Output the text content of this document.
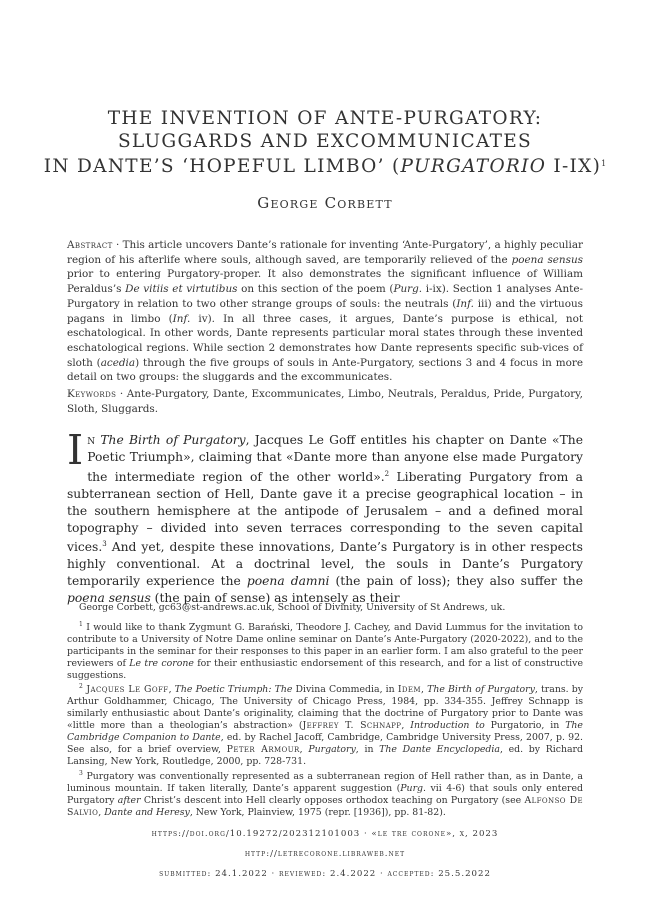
THE INVENTION OF ANTE-PURGATORY:
SLUGGARDS AND EXCOMMUNICATES
IN DANTE’S ‘HOPEFUL LIMBO’ (PURGATORIO I-IX)$^1$
George Corbett
Abstract · This article uncovers Dante’s rationale for inventing ‘Ante-Purgatory’, a highly peculiar region of his afterlife where souls, although saved, are temporarily relieved of the poena sensus prior to entering Purgatory-proper. It also demonstrates the significant influence of William Peraldus’s De vitiis et virtutibus on this section of the poem (Purg. i-ix). Section 1 analyses Ante-Purgatory in relation to two other strange groups of souls: the neutrals (Inf. iii) and the virtuous pagans in limbo (Inf. iv). In all three cases, it argues, Dante’s purpose is ethical, not eschatological. In other words, Dante represents particular moral states through these invented eschatological regions. While section 2 demonstrates how Dante represents specific sub-vices of sloth (acedia) through the five groups of souls in Ante-Purgatory, sections 3 and 4 focus in more detail on two groups: the sluggards and the excommunicates.
Keywords · Ante-Purgatory, Dante, Excommunicates, Limbo, Neutrals, Peraldus, Pride, Purgatory, Sloth, Sluggards.
In The Birth of Purgatory, Jacques Le Goff entitles his chapter on Dante «The Poetic Triumph», claiming that «Dante more than anyone else made Purgatory the intermediate region of the other world».$^2$ Liberating Purgatory from a subterranean section of Hell, Dante gave it a precise geographical location – in the southern hemisphere at the antipode of Jerusalem – and a defined moral topography – divided into seven terraces corresponding to the seven capital vices.$^3$ And yet, despite these innovations, Dante’s Purgatory is in other respects highly conventional. At a doctrinal level, the souls in Dante’s Purgatory temporarily experience the poena damni (the pain of loss); they also suffer the poena sensus (the pain of sense) as intensely as their

George Corbett, gc63@st-andrews.ac.uk, School of Divinity, University of St Andrews, uk.

$^1$ I would like to thank Zygmunt G. Barański, Theodore J. Cachey, and David Lummus for the invitation to contribute to a University of Notre Dame online seminar on Dante’s Ante-Purgatory (2020-2022), and to the participants in the seminar for their responses to this paper in an earlier form. I am also grateful to the peer reviewers of Le tre corone for their enthusiastic endorsement of this research, and for a list of constructive suggestions.

$^2$ Jacques Le Goff, The Poetic Triumph: The Divina Commedia, in Idem, The Birth of Purgatory, trans. by Arthur Goldhammer, Chicago, The University of Chicago Press, 1984, pp. 334-355. Jeffrey Schnapp is similarly enthusiastic about Dante’s originality, claiming that the doctrine of Purgatory prior to Dante was «little more than a theologian’s abstraction» (Jeffrey T. Schnapp, Introduction to Purgatorio, in The Cambridge Companion to Dante, ed. by Rachel Jacoff, Cambridge, Cambridge University Press, 2007, p. 92. See also, for a brief overview, Peter Armour, Purgatory, in The Dante Encyclopedia, ed. by Richard Lansing, New York, Routledge, 2000, pp. 728-731.

$^3$ Purgatory was conventionally represented as a subterranean region of Hell rather than, as in Dante, a luminous mountain. If taken literally, Dante’s apparent suggestion (Purg. vii 4-6) that souls only entered Purgatory after Christ’s descent into Hell clearly opposes orthodox teaching on Purgatory (see Alfonso De Salvio, Dante and Heresy, New York, Plainview, 1975 (repr. [1936]), pp. 81-82).

https://doi.org/10.19272/202312101003 · «le tre corone», x, 2023
http://letrecorone.libraweb.net
submitted: 24.1.2022 · reviewed: 2.4.2022 · accepted: 25.5.2022
